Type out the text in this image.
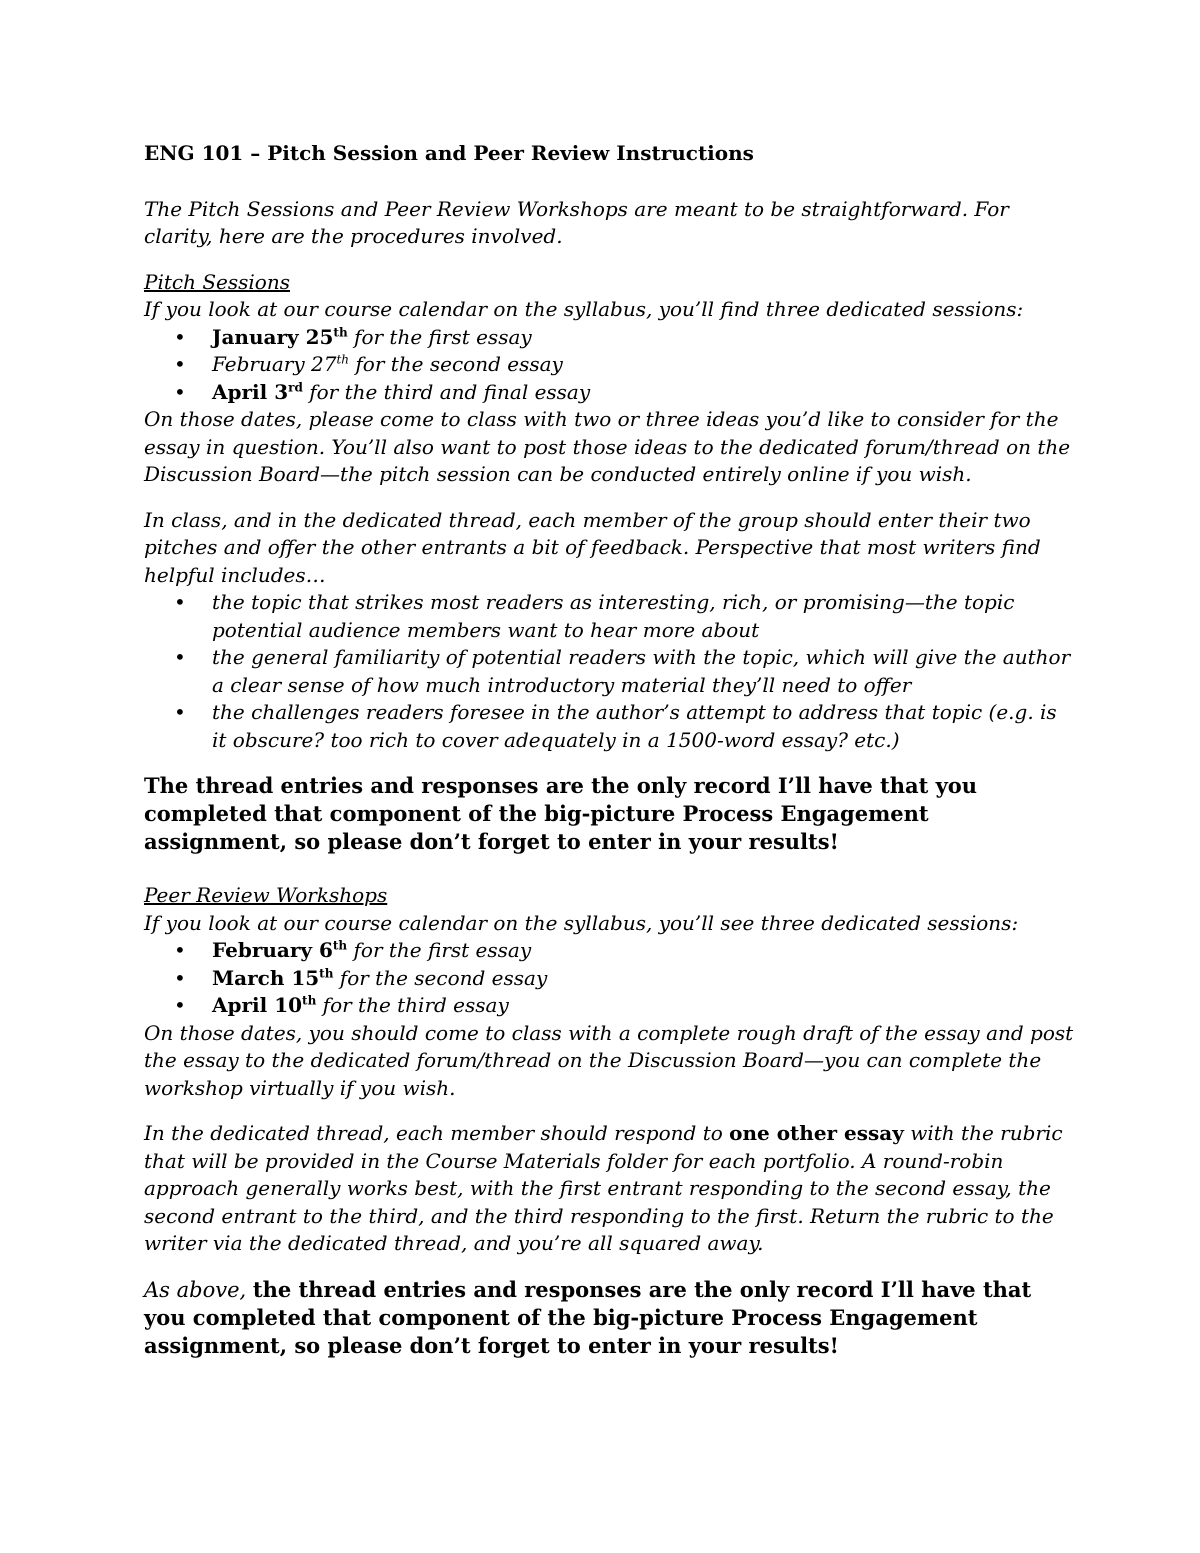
ENG 101 – Pitch Session and Peer Review Instructions

The Pitch Sessions and Peer Review Workshops are meant to be straightforward. For clarity, here are the procedures involved.

Pitch Sessions

If you look at our course calendar on the syllabus, you’ll find three dedicated sessions:

• January 25th for the first essay
• February 27th for the second essay
• April 3rd for the third and final essay

On those dates, please come to class with two or three ideas you’d like to consider for the essay in question. You’ll also want to post those ideas to the dedicated forum/thread on the Discussion Board—the pitch session can be conducted entirely online if you wish.

In class, and in the dedicated thread, each member of the group should enter their two pitches and offer the other entrants a bit of feedback. Perspective that most writers find helpful includes…

• the topic that strikes most readers as interesting, rich, or promising—the topic potential audience members want to hear more about
• the general familiarity of potential readers with the topic, which will give the author a clear sense of how much introductory material they’ll need to offer
• the challenges readers foresee in the author’s attempt to address that topic (e.g. is it obscure? too rich to cover adequately in a 1500-word essay? etc.)

The thread entries and responses are the only record I’ll have that you completed that component of the big-picture Process Engagement assignment, so please don’t forget to enter in your results!

Peer Review Workshops

If you look at our course calendar on the syllabus, you’ll see three dedicated sessions:

• February 6th for the first essay
• March 15th for the second essay
• April 10th for the third essay

On those dates, you should come to class with a complete rough draft of the essay and post the essay to the dedicated forum/thread on the Discussion Board—you can complete the workshop virtually if you wish.

In the dedicated thread, each member should respond to one other essay with the rubric that will be provided in the Course Materials folder for each portfolio. A round-robin approach generally works best, with the first entrant responding to the second essay, the second entrant to the third, and the third responding to the first. Return the rubric to the writer via the dedicated thread, and you’re all squared away.

As above, the thread entries and responses are the only record I’ll have that you completed that component of the big-picture Process Engagement assignment, so please don’t forget to enter in your results!
